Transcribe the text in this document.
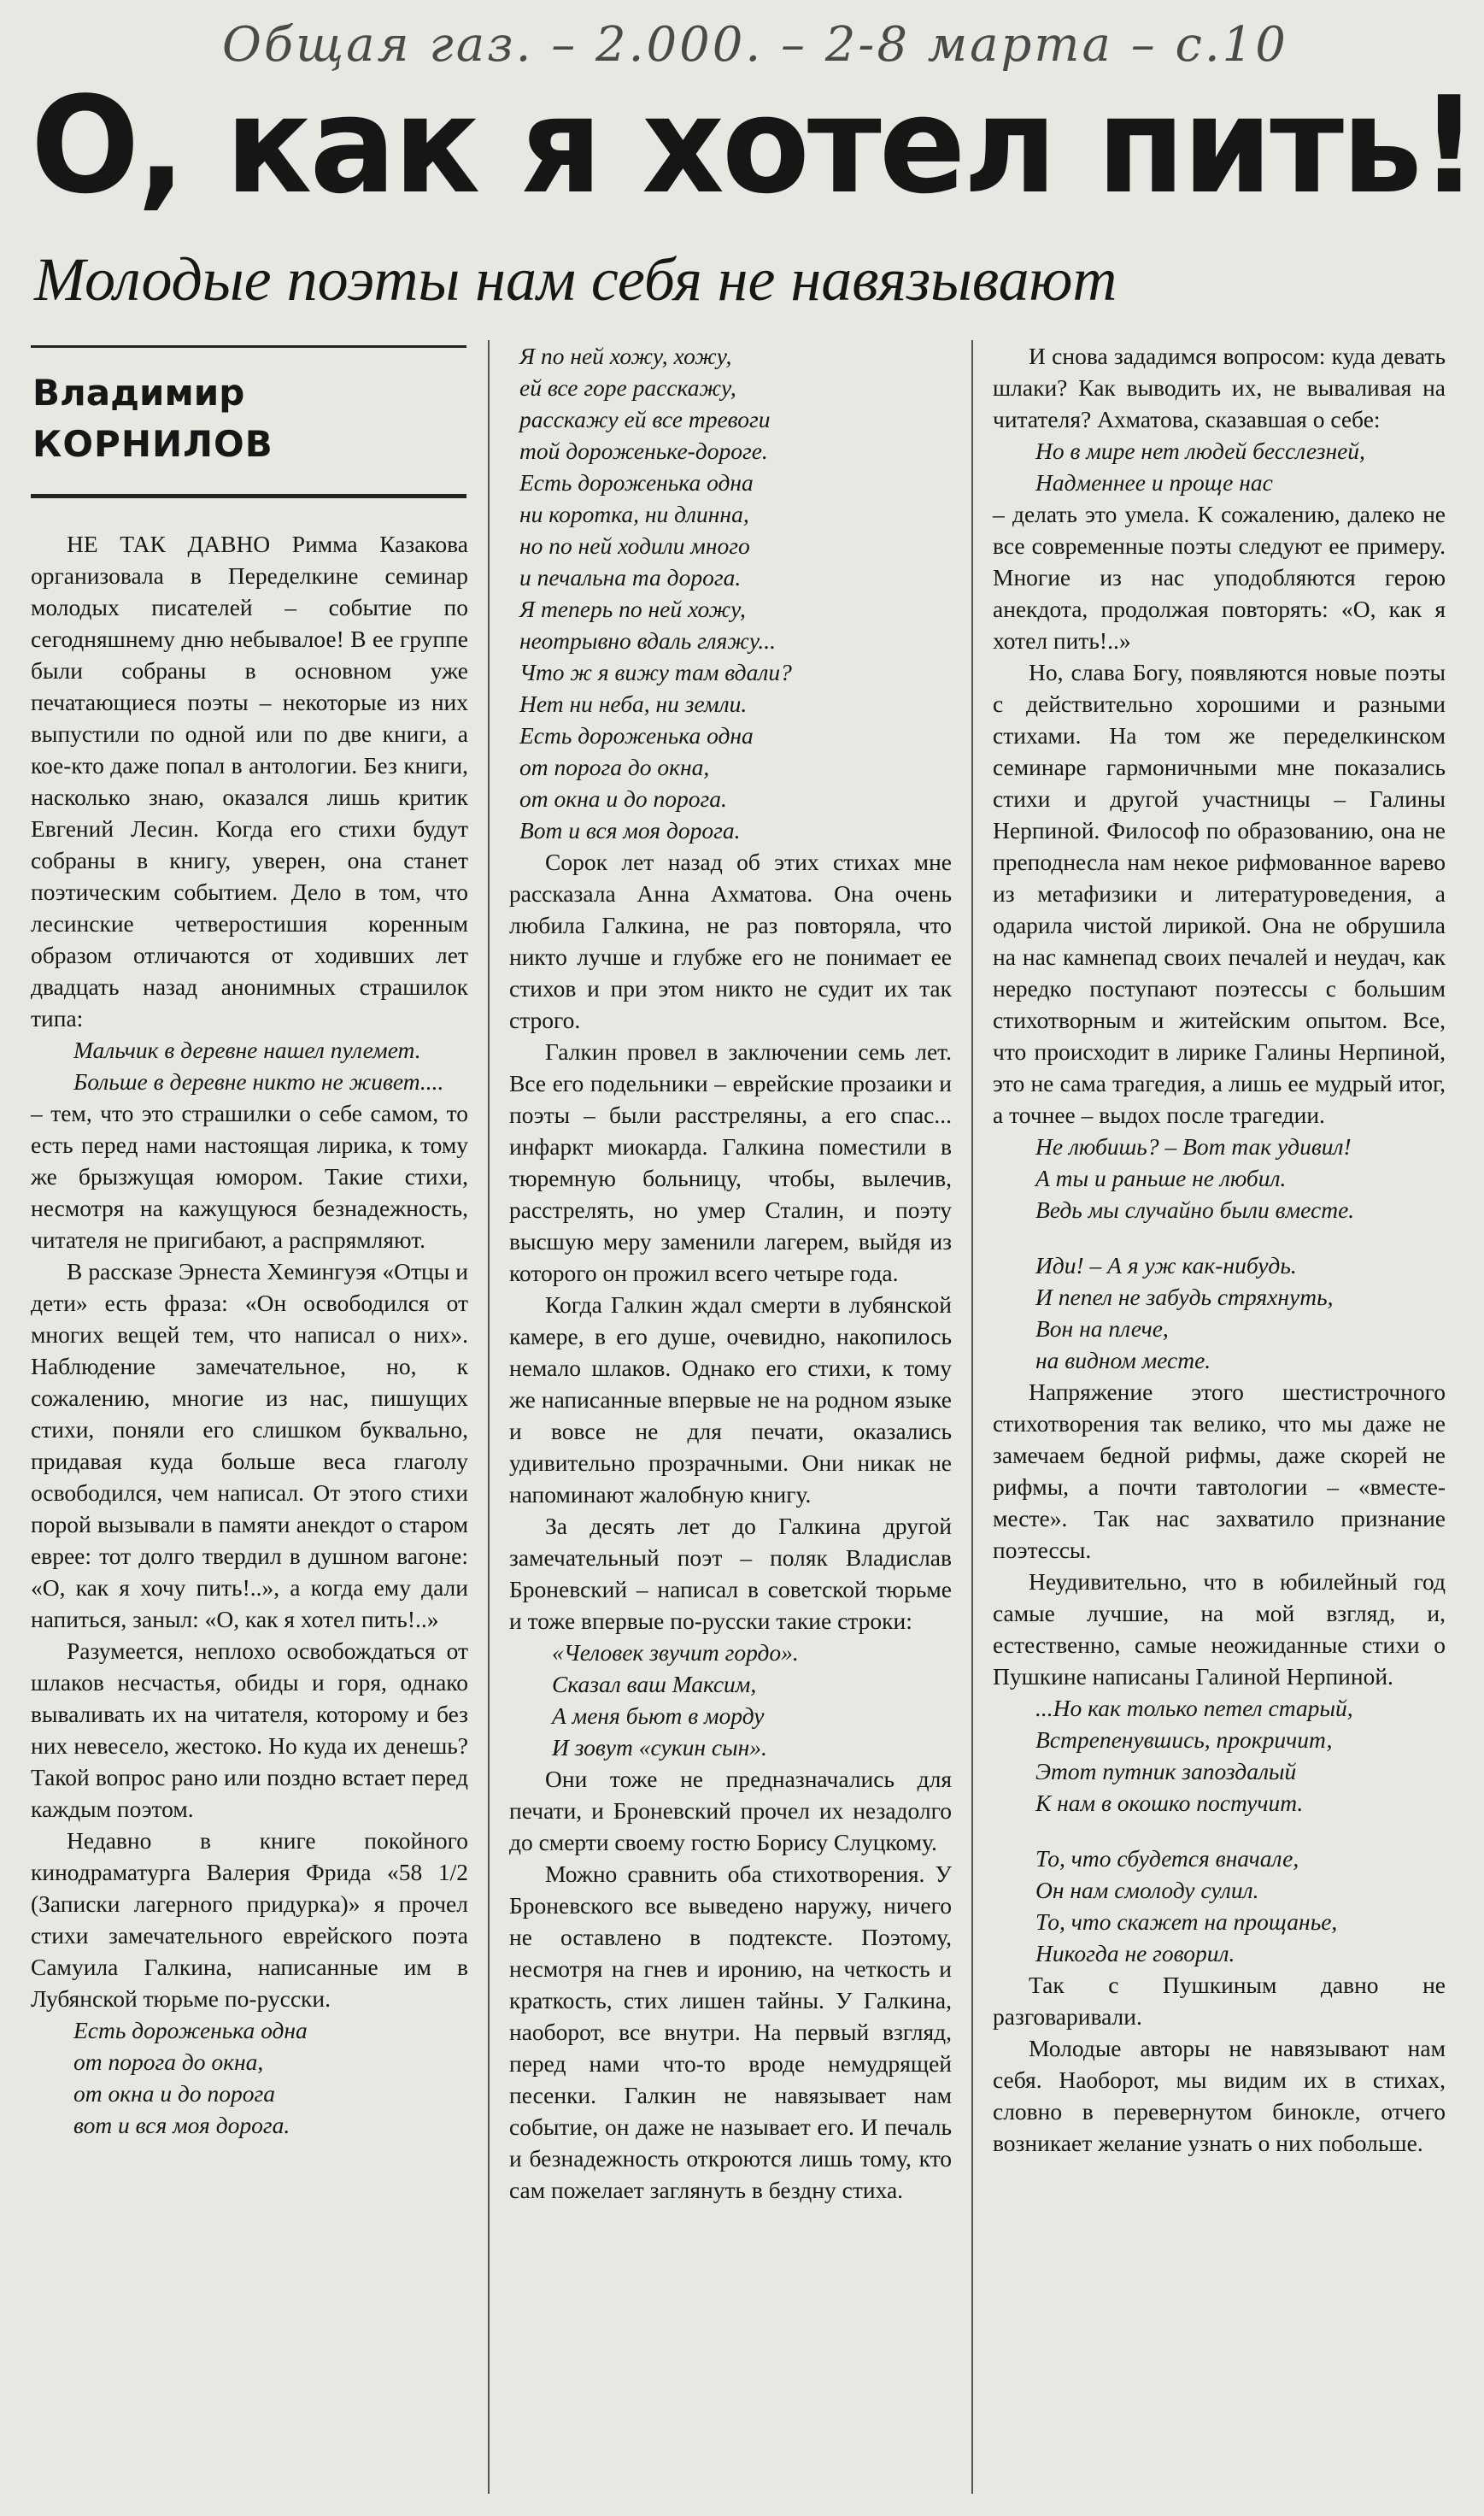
Общая газ. – 2.000. – 2-8 марта – с.10
О, как я хотел пить!
Молодые поэты нам себя не навязывают
Владимир
КОРНИЛОВ

НЕ ТАК ДАВНО Римма Казакова организовала в Переделкине семинар молодых писателей – событие по сегодняшнему дню небывалое! В ее группе были собраны в основном уже печатающиеся поэты – некоторые из них выпустили по одной или по две книги, а кое-кто даже попал в антологии. Без книги, насколько знаю, оказался лишь критик Евгений Лесин. Когда его стихи будут собраны в книгу, уверен, она станет поэтическим событием. Дело в том, что лесинские четверостишия коренным образом отличаются от ходивших лет двадцать назад анонимных страшилок типа:

Мальчик в деревне нашел пулемет.
Больше в деревне никто не живет....

– тем, что это страшилки о себе самом, то есть перед нами настоящая лирика, к тому же брызжущая юмором. Такие стихи, несмотря на кажущуюся безнадежность, читателя не пригибают, а распрямляют.

В рассказе Эрнеста Хемингуэя «Отцы и дети» есть фраза: «Он освободился от многих вещей тем, что написал о них». Наблюдение замечательное, но, к сожалению, многие из нас, пишущих стихи, поняли его слишком буквально, придавая куда больше веса глаголу освободился, чем написал. От этого стихи порой вызывали в памяти анекдот о старом еврее: тот долго твердил в душном вагоне: «О, как я хочу пить!..», а когда ему дали напиться, заныл: «О, как я хотел пить!..»

Разумеется, неплохо освобождаться от шлаков несчастья, обиды и горя, однако вываливать их на читателя, которому и без них невесело, жестоко. Но куда их денешь? Такой вопрос рано или поздно встает перед каждым поэтом.

Недавно в книге покойного кинодраматурга Валерия Фрида «58 1/2 (Записки лагерного придурка)» я прочел стихи замечательного еврейского поэта Самуила Галкина, написанные им в Лубянской тюрьме по-русски.

Есть дороженька одна
от порога до окна,
от окна и до порога
вот и вся моя дорога.
Я по ней хожу, хожу,
ей все горе расскажу,
расскажу ей все тревоги
той дороженьке-дороге.
Есть дороженька одна
ни коротка, ни длинна,
но по ней ходили много
и печальна та дорога.
Я теперь по ней хожу,
неотрывно вдаль гляжу...
Что ж я вижу там вдали?
Нет ни неба, ни земли.
Есть дороженька одна
от порога до окна,
от окна и до порога.
Вот и вся моя дорога.

Сорок лет назад об этих стихах мне рассказала Анна Ахматова. Она очень любила Галкина, не раз повторяла, что никто лучше и глубже его не понимает ее стихов и при этом никто не судит их так строго.

Галкин провел в заключении семь лет. Все его подельники – еврейские прозаики и поэты – были расстреляны, а его спас... инфаркт миокарда. Галкина поместили в тюремную больницу, чтобы, вылечив, расстрелять, но умер Сталин, и поэту высшую меру заменили лагерем, выйдя из которого он прожил всего четыре года.

Когда Галкин ждал смерти в лубянской камере, в его душе, очевидно, накопилось немало шлаков. Однако его стихи, к тому же написанные впервые не на родном языке и вовсе не для печати, оказались удивительно прозрачными. Они никак не напоминают жалобную книгу.

За десять лет до Галкина другой замечательный поэт – поляк Владислав Броневский – написал в советской тюрьме и тоже впервые по-русски такие строки:

«Человек звучит гордо».
Сказал ваш Максим,
А меня бьют в морду
И зовут «сукин сын».

Они тоже не предназначались для печати, и Броневский прочел их незадолго до смерти своему гостю Борису Слуцкому.

Можно сравнить оба стихотворения. У Броневского все выведено наружу, ничего не оставлено в подтексте. Поэтому, несмотря на гнев и иронию, на четкость и краткость, стих лишен тайны. У Галкина, наоборот, все внутри. На первый взгляд, перед нами что-то вроде немудрящей песенки. Галкин не навязывает нам событие, он даже не называет его. И печаль и безнадежность откроются лишь тому, кто сам пожелает заглянуть в бездну стиха.

И снова зададимся вопросом: куда девать шлаки? Как выводить их, не вываливая на читателя? Ахматова, сказавшая о себе:

Но в мире нет людей бесслезней,
Надменнее и проще нас

– делать это умела. К сожалению, далеко не все современные поэты следуют ее примеру. Многие из нас уподобляются герою анекдота, продолжая повторять: «О, как я хотел пить!..»

Но, слава Богу, появляются новые поэты с действительно хорошими и разными стихами. На том же переделкинском семинаре гармоничными мне показались стихи и другой участницы – Галины Нерпиной. Философ по образованию, она не преподнесла нам некое рифмованное варево из метафизики и литературоведения, а одарила чистой лирикой. Она не обрушила на нас камнепад своих печалей и неудач, как нередко поступают поэтессы с большим стихотворным и житейским опытом. Все, что происходит в лирике Галины Нерпиной, это не сама трагедия, а лишь ее мудрый итог, а точнее – выдох после трагедии.

Не любишь? – Вот так удивил!
А ты и раньше не любил.
Ведь мы случайно были вместе.
Иди! – А я уж как-нибудь.
И пепел не забудь стряхнуть,
Вон на плече,
на видном месте.

Напряжение этого шестистрочного стихотворения так велико, что мы даже не замечаем бедной рифмы, даже скорей не рифмы, а почти тавтологии – «вместе-месте». Так нас захватило признание поэтессы.

Неудивительно, что в юбилейный год самые лучшие, на мой взгляд, и, естественно, самые неожиданные стихи о Пушкине написаны Галиной Нерпиной.

...Но как только петел старый,
Встрепенувшись, прокричит,
Этот путник запоздалый
К нам в окошко постучит.
То, что сбудется вначале,
Он нам смолоду сулил.
То, что скажет на прощанье,
Никогда не говорил.

Так с Пушкиным давно не разговаривали.

Молодые авторы не навязывают нам себя. Наоборот, мы видим их в стихах, словно в перевернутом бинокле, отчего возникает желание узнать о них побольше.
